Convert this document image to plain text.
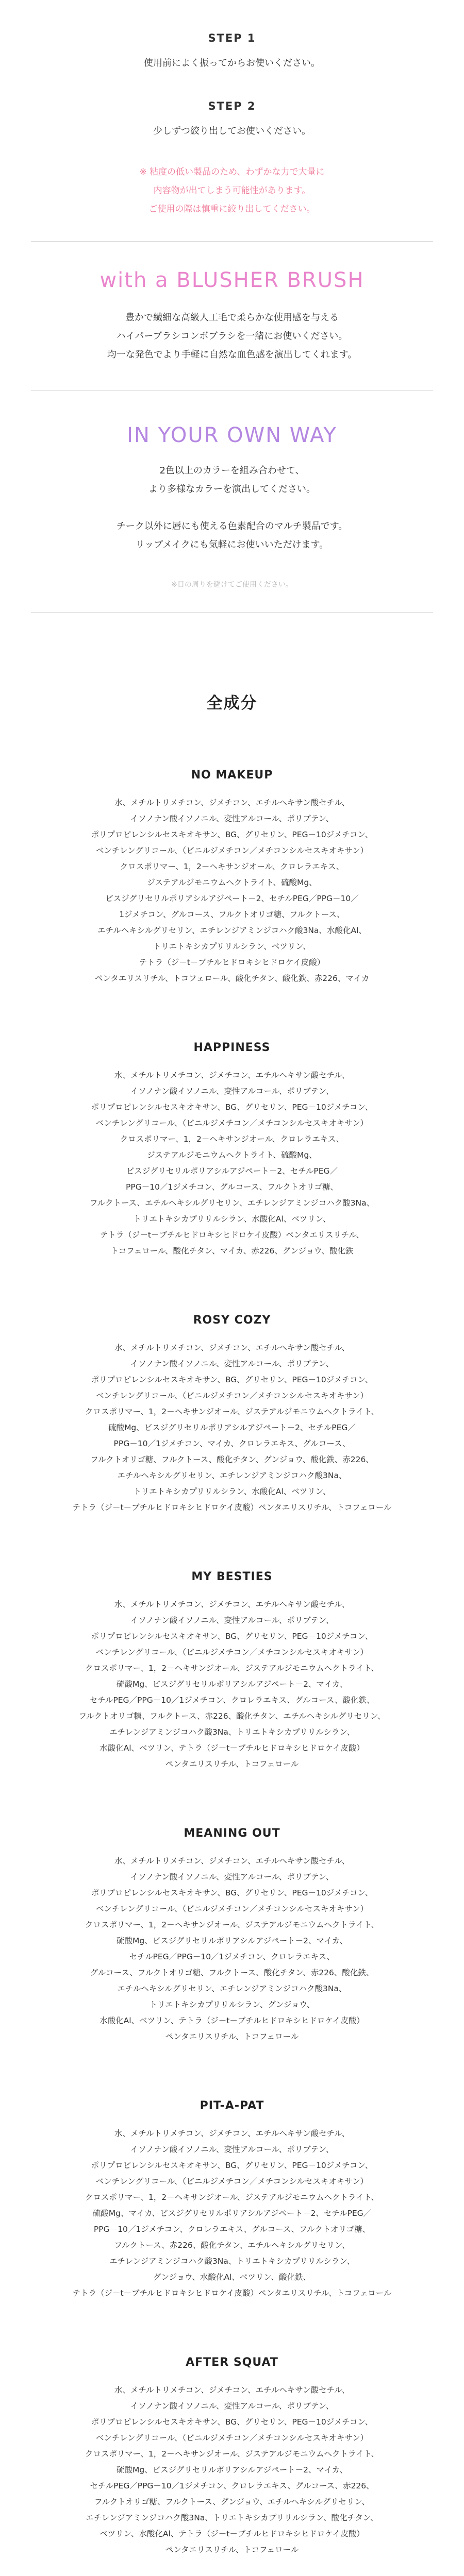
STEP 1

使用前によく振ってからお使いください。

STEP 2

少しずつ絞り出してお使いください。

※ 粘度の低い製品のため、わずかな力で大量に

内容物が出てしまう可能性があります。

ご使用の際は慎重に絞り出してください。

with a BLUSHER BRUSH

豊かで繊細な高級人工毛で柔らかな使用感を与える

ハイパーブラシコンボブラシを一緒にお使いください。

均一な発色でより手軽に自然な血色感を演出してくれます。

IN YOUR OWN WAY

2色以上のカラーを組み合わせて、

より多様なカラーを演出してください。

チーク以外に唇にも使える色素配合のマルチ製品です。

リップメイクにも気軽にお使いいただけます。

※目の周りを避けてご使用ください。

全成分
NO MAKEUP
水、メチルトリメチコン、ジメチコン、エチルヘキサン酸セチル、
イソノナン酸イソノニル、変性アルコール、ポリブテン、
ポリプロピレンシルセスキオキサン、BG、グリセリン、PEG－10ジメチコン、
ベンチレングリコール、（ビニルジメチコン／メチコンシルセスキオキサン）
クロスポリマー、1，2－ヘキサンジオール、クロレラエキス、
ジステアルジモニウムヘクトライト、硫酸Mg、
ビスジグリセリルポリアシルアジペート－2、セチルPEG／PPG－10／
1ジメチコン、グルコース、フルクトオリゴ糖、フルクトース、
エチルヘキシルグリセリン、エチレンジアミンジコハク酸3Na、水酸化Al、
トリエトキシカプリリルシラン、ベツリン、
テトラ（ジ－t－ブチルヒドロキシヒドロケイ皮酸）
ペンタエリスリチル、トコフェロール、酸化チタン、酸化鉄、赤226、マイカ
HAPPINESS
水、メチルトリメチコン、ジメチコン、エチルヘキサン酸セチル、
イソノナン酸イソノニル、変性アルコール、ポリブテン、
ポリプロピレンシルセスキオキサン、BG、グリセリン、PEG－10ジメチコン、
ベンチレングリコール、（ビニルジメチコン／メチコンシルセスキオキサン）
クロスポリマー、1，2－ヘキサンジオール、クロレラエキス、
ジステアルジモニウムヘクトライト、硫酸Mg、
ビスジグリセリルポリアシルアジペート－2、セチルPEG／
PPG－10／1ジメチコン、グルコース、フルクトオリゴ糖、
フルクトース、エチルヘキシルグリセリン、エチレンジアミンジコハク酸3Na、
トリエトキシカプリリルシラン、水酸化Al、ベツリン、
テトラ（ジ－t－ブチルヒドロキシヒドロケイ皮酸）ペンタエリスリチル、
トコフェロール、酸化チタン、マイカ、赤226、グンジョウ、酸化鉄
ROSY COZY
水、メチルトリメチコン、ジメチコン、エチルヘキサン酸セチル、
イソノナン酸イソノニル、変性アルコール、ポリブテン、
ポリプロピレンシルセスキオキサン、BG、グリセリン、PEG－10ジメチコン、
ベンチレングリコール、（ビニルジメチコン／メチコンシルセスキオキサン）
クロスポリマー、1，2－ヘキサンジオール、ジステアルジモニウムヘクトライト、
硫酸Mg、ビスジグリセリルポリアシルアジペート－2、セチルPEG／
PPG－10／1ジメチコン、マイカ、クロレラエキス、グルコース、
フルクトオリゴ糖、フルクトース、酸化チタン、グンジョウ、酸化鉄、赤226、
エチルヘキシルグリセリン、エチレンジアミンジコハク酸3Na、
トリエトキシカプリリルシラン、水酸化Al、ベツリン、
テトラ（ジ－t－ブチルヒドロキシヒドロケイ皮酸）ペンタエリスリチル、トコフェロール
MY BESTIES
水、メチルトリメチコン、ジメチコン、エチルヘキサン酸セチル、
イソノナン酸イソノニル、変性アルコール、ポリブテン、
ポリプロピレンシルセスキオキサン、BG、グリセリン、PEG－10ジメチコン、
ベンチレングリコール、（ビニルジメチコン／メチコンシルセスキオキサン）
クロスポリマー、1，2－ヘキサンジオール、ジステアルジモニウムヘクトライト、
硫酸Mg、ビスジグリセリルポリアシルアジペート－2、マイカ、
セチルPEG／PPG－10／1ジメチコン、クロレラエキス、グルコース、酸化鉄、
フルクトオリゴ糖、フルクトース、赤226、酸化チタン、エチルヘキシルグリセリン、
エチレンジアミンジコハク酸3Na、トリエトキシカプリリルシラン、
水酸化Al、ベツリン、テトラ（ジ－t－ブチルヒドロキシヒドロケイ皮酸）
ペンタエリスリチル、トコフェロール
MEANING OUT
水、メチルトリメチコン、ジメチコン、エチルヘキサン酸セチル、
イソノナン酸イソノニル、変性アルコール、ポリブテン、
ポリプロピレンシルセスキオキサン、BG、グリセリン、PEG－10ジメチコン、
ベンチレングリコール、（ビニルジメチコン／メチコンシルセスキオキサン）
クロスポリマー、1，2－ヘキサンジオール、ジステアルジモニウムヘクトライト、
硫酸Mg、ビスジグリセリルポリアシルアジペート－2、マイカ、
セチルPEG／PPG－10／1ジメチコン、クロレラエキス、
グルコース、フルクトオリゴ糖、フルクトース、酸化チタン、赤226、酸化鉄、
エチルヘキシルグリセリン、エチレンジアミンジコハク酸3Na、
トリエトキシカプリリルシラン、グンジョウ、
水酸化Al、ベツリン、テトラ（ジ－t－ブチルヒドロキシヒドロケイ皮酸）
ペンタエリスリチル、トコフェロール
PIT-A-PAT
水、メチルトリメチコン、ジメチコン、エチルヘキサン酸セチル、
イソノナン酸イソノニル、変性アルコール、ポリブテン、
ポリプロピレンシルセスキオキサン、BG、グリセリン、PEG－10ジメチコン、
ベンチレングリコール、（ビニルジメチコン／メチコンシルセスキオキサン）
クロスポリマー、1，2－ヘキサンジオール、ジステアルジモニウムヘクトライト、
硫酸Mg、マイカ、ビスジグリセリルポリアシルアジペート－2、セチルPEG／
PPG－10／1ジメチコン、クロレラエキス、グルコース、フルクトオリゴ糖、
フルクトース、赤226、酸化チタン、エチルヘキシルグリセリン、
エチレンジアミンジコハク酸3Na、トリエトキシカプリリルシラン、
グンジョウ、水酸化Al、ベツリン、酸化鉄、
テトラ（ジ－t－ブチルヒドロキシヒドロケイ皮酸）ペンタエリスリチル、トコフェロール
AFTER SQUAT
水、メチルトリメチコン、ジメチコン、エチルヘキサン酸セチル、
イソノナン酸イソノニル、変性アルコール、ポリブテン、
ポリプロピレンシルセスキオキサン、BG、グリセリン、PEG－10ジメチコン、
ベンチレングリコール、（ビニルジメチコン／メチコンシルセスキオキサン）
クロスポリマー、1，2－ヘキサンジオール、ジステアルジモニウムヘクトライト、
硫酸Mg、ビスジグリセリルポリアシルアジペート－2、マイカ、
セチルPEG／PPG－10／1ジメチコン、クロレラエキス、グルコース、赤226、
フルクトオリゴ糖、フルクトース、グンジョウ、エチルヘキシルグリセリン、
エチレンジアミンジコハク酸3Na、トリエトキシカプリリルシラン、酸化チタン、
ベツリン、水酸化Al、テトラ（ジ－t－ブチルヒドロキシヒドロケイ皮酸）
ペンタエリスリチル、トコフェロール
